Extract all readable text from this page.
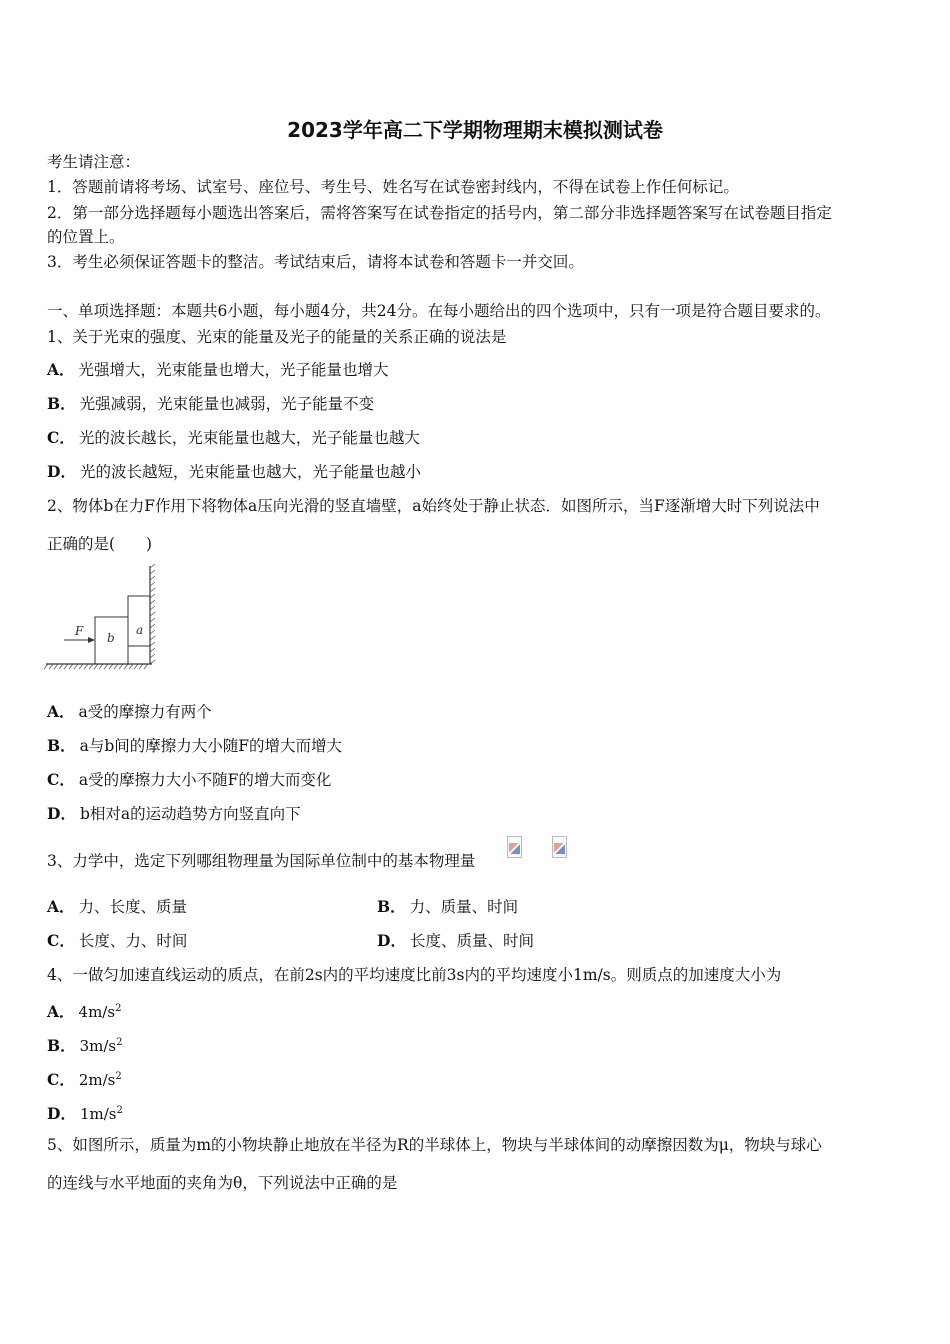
2023学年高二下学期物理期末模拟测试卷
考生请注意：
1．答题前请将考场、试室号、座位号、考生号、姓名写在试卷密封线内，不得在试卷上作任何标记。
2．第一部分选择题每小题选出答案后，需将答案写在试卷指定的括号内，第二部分非选择题答案写在试卷题目指定
的位置上。
3．考生必须保证答题卡的整洁。考试结束后，请将本试卷和答题卡一并交回。
一、单项选择题：本题共6小题，每小题4分，共24分。在每小题给出的四个选项中，只有一项是符合题目要求的。
1、关于光束的强度、光束的能量及光子的能量的关系正确的说法是
A． 光强增大，光束能量也增大，光子能量也增大
B． 光强减弱，光束能量也减弱，光子能量不变
C． 光的波长越长，光束能量也越大，光子能量也越大
D． 光的波长越短，光束能量也越大，光子能量也越小
2、物体b在力F作用下将物体a压向光滑的竖直墙壁，a始终处于静止状态．如图所示，当F逐渐增大时下列说法中
正确的是(　　)
a
b
F
A． a受的摩擦力有两个
B． a与b间的摩擦力大小随F的增大而增大
C． a受的摩擦力大小不随F的增大而变化
D． b相对a的运动趋势方向竖直向下
3、力学中，选定下列哪组物理量为国际单位制中的基本物理量
A． 力、长度、质量	B． 力、质量、时间
C． 长度、力、时间	D． 长度、质量、时间
4、一做匀加速直线运动的质点，在前2s内的平均速度比前3s内的平均速度小1m/s。则质点的加速度大小为
A． $4m/s^2$
B． $3m/s^2$
C． $2m/s^2$
D． $1m/s^2$
5、如图所示，质量为m的小物块静止地放在半径为R的半球体上，物块与半球体间的动摩擦因数为μ，物块与球心
的连线与水平地面的夹角为θ，下列说法中正确的是
